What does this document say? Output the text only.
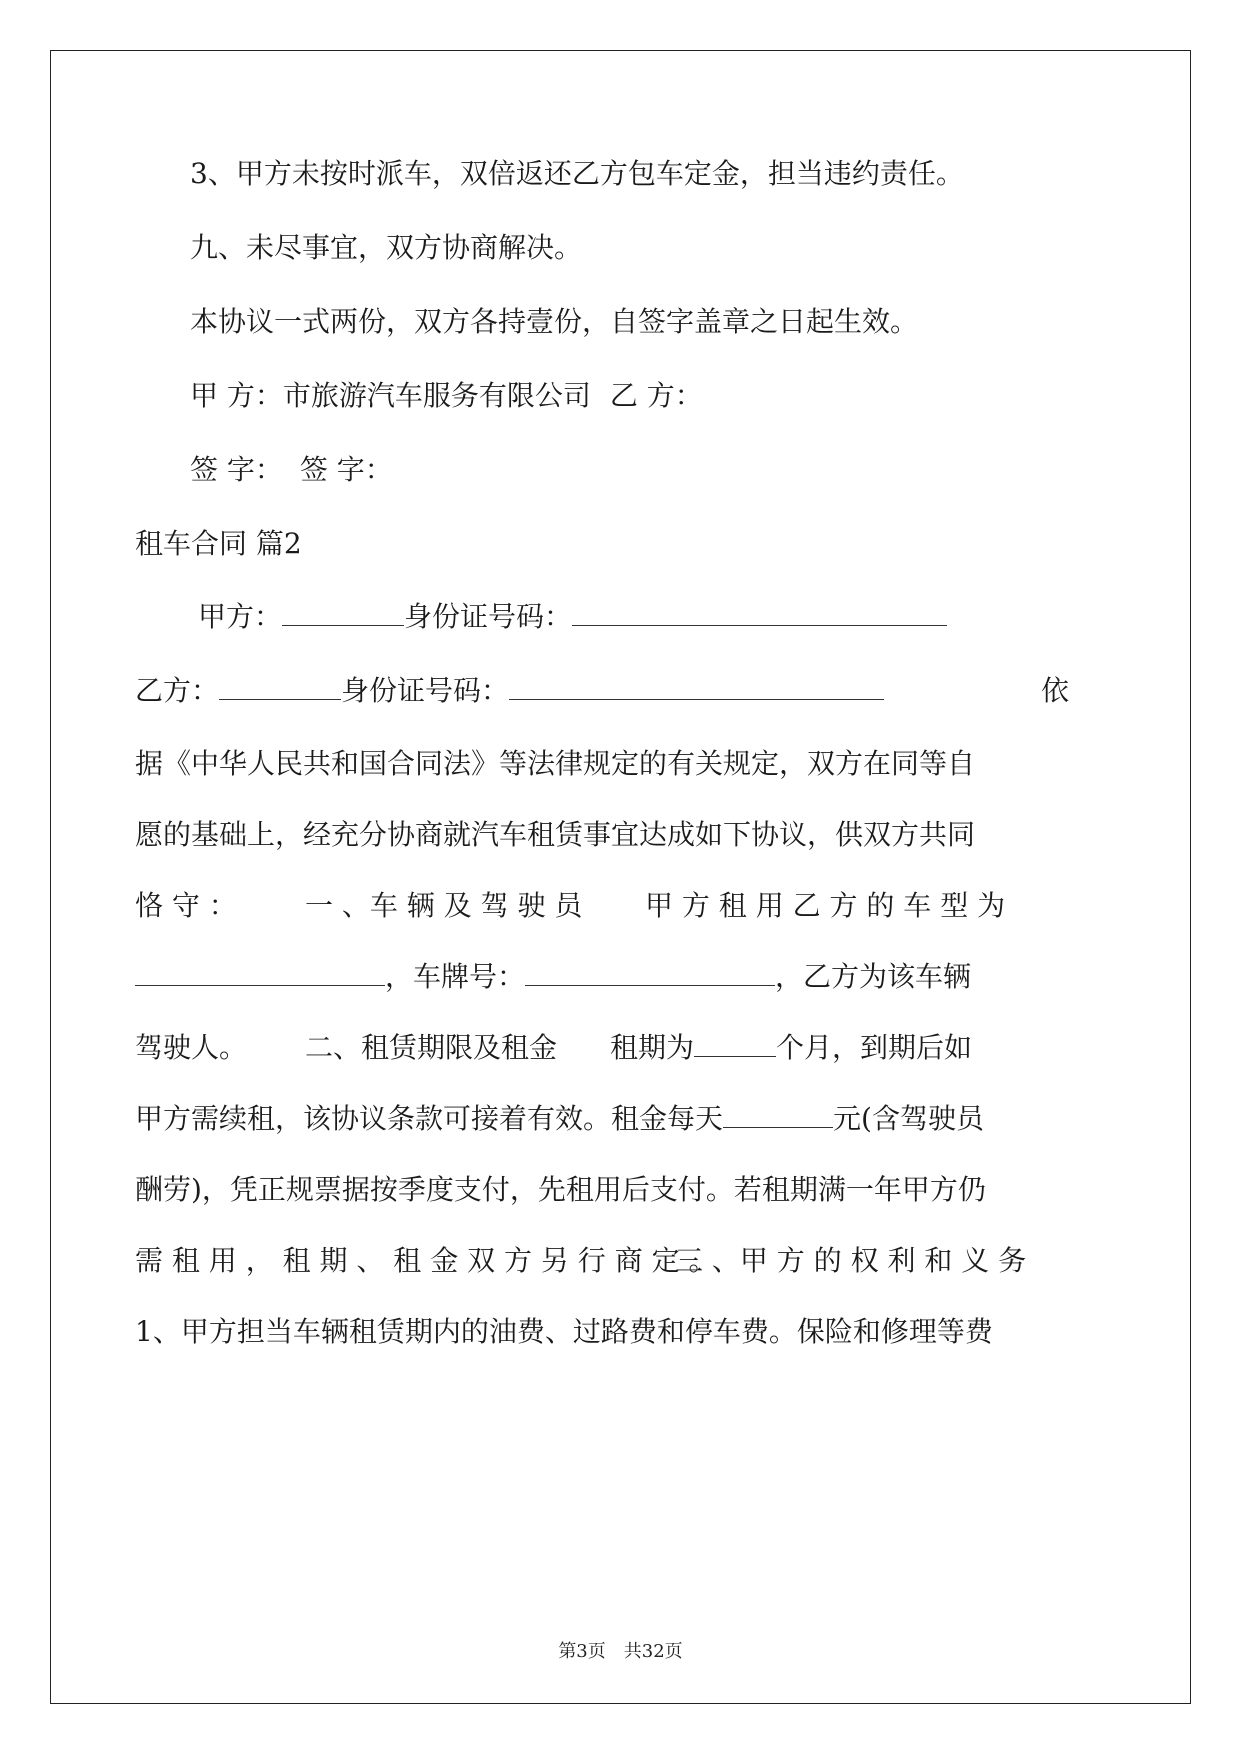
3、甲方未按时派车，双倍返还乙方包车定金，担当违约责任。
九、未尽事宜，双方协商解决。
本协议一式两份，双方各持壹份，自签字盖章之日起生效。
甲 方：市旅游汽车服务有限公司 乙 方：
签 字： 签 字：
租车合同 篇2
甲方：	身份证号码：
乙方：	身份证号码：	依
据《中华人民共和国合同法》等法律规定的有关规定，双方在同等自
愿的基础上，经充分协商就汽车租赁事宜达成如下协议，供双方共同
恪 守 ： 一 、车 辆 及 驾 驶 员 甲 方 租 用 乙 方 的 车 型 为
，车牌号：	，乙方为该车辆
驾驶人。 二、租赁期限及租金 租期为	个月，到期后如
甲方需续租，该协议条款可接着有效。租金每天	元(含驾驶员
酬劳)，凭正规票据按季度支付，先租用后支付。若租期满一年甲方仍
需 租 用 ， 租 期 、 租 金 双 方 另 行 商 定 。
三 、甲 方 的 权 利 和 义 务
1、甲方担当车辆租赁期内的油费、过路费和停车费。保险和修理等费
第3页 共32页
